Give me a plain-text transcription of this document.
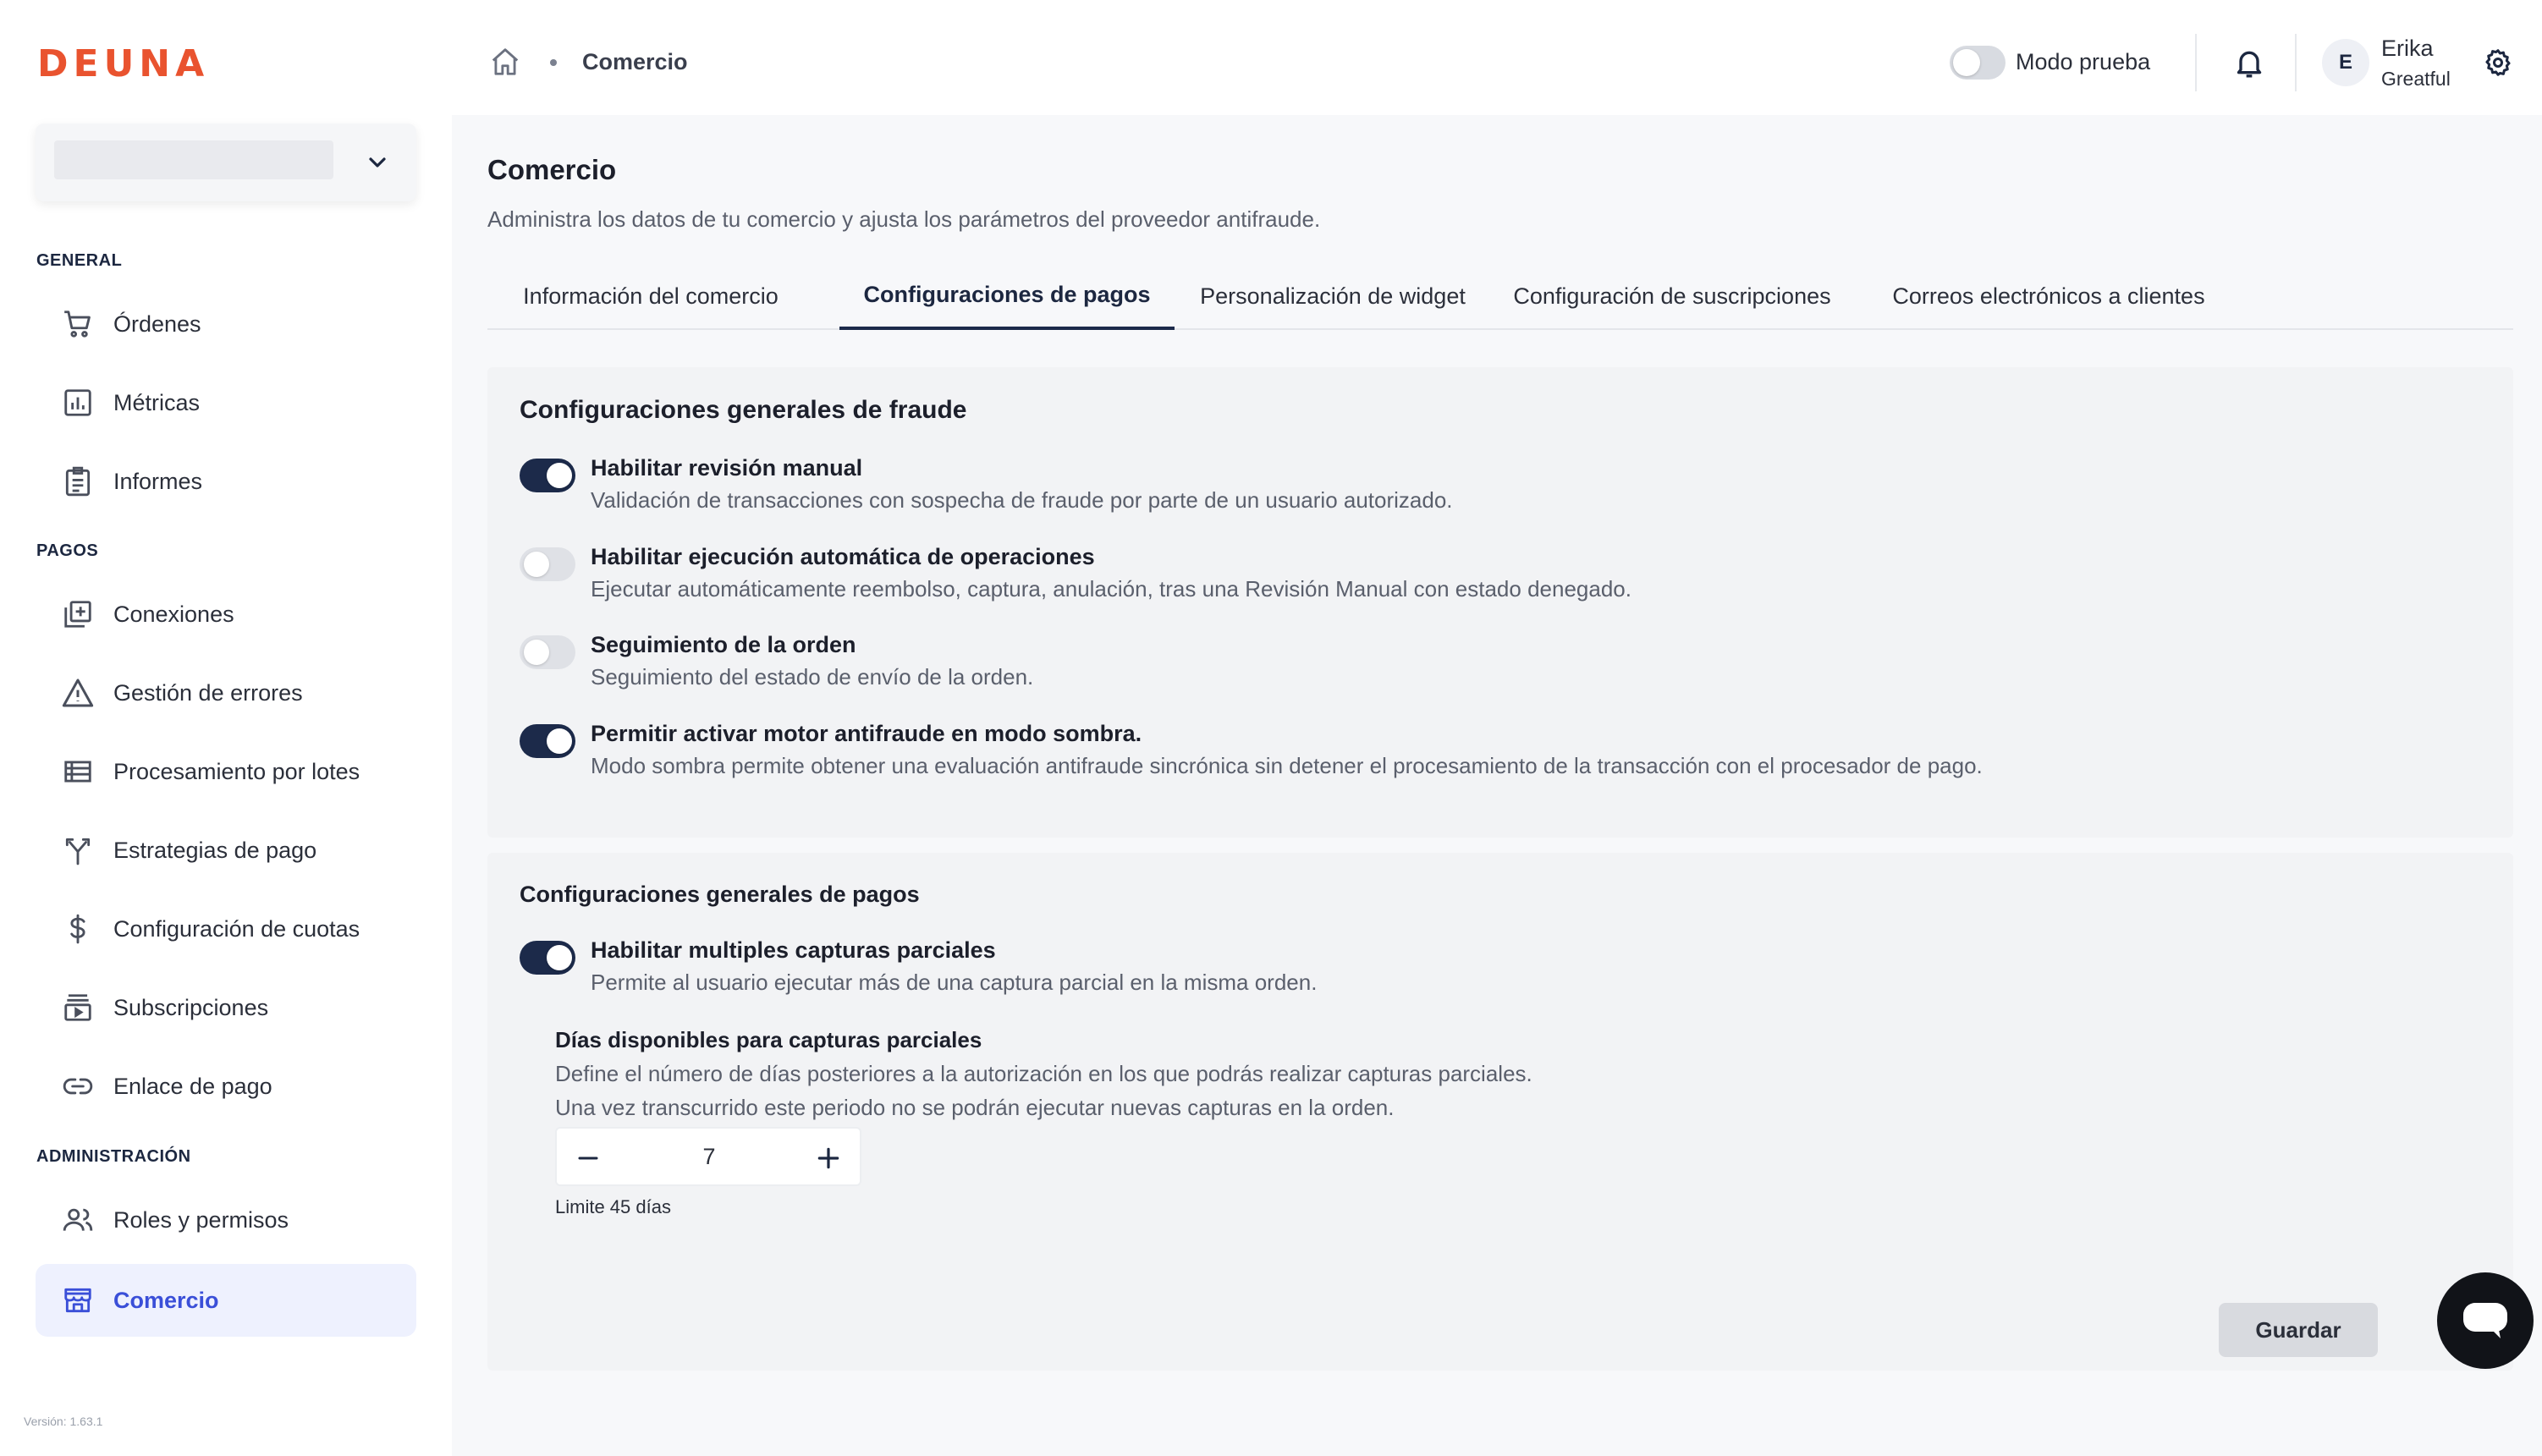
DEUNA
GENERAL
Órdenes
Métricas
Informes
PAGOS
Conexiones
Gestión de errores
Procesamiento por lotes
Estrategias de pago
Configuración de cuotas
Subscripciones
Enlace de pago
ADMINISTRACIÓN
Roles y permisos
Comercio
Versión: 1.63.1
Comercio	Modo prueba	E
Erika
Greatful
Comercio

Administra los datos de tu comercio y ajusta los parámetros del proveedor antifraude.

Información del comercio	Configuraciones de pagos	Personalización de widget	Configuración de suscripciones	Correos electrónicos a clientes
Configuraciones generales de fraude
Habilitar revisión manual
Validación de transacciones con sospecha de fraude por parte de un usuario autorizado.
Habilitar ejecución automática de operaciones
Ejecutar automáticamente reembolso, captura, anulación, tras una Revisión Manual con estado denegado.
Seguimiento de la orden
Seguimiento del estado de envío de la orden.
Permitir activar motor antifraude en modo sombra.
Modo sombra permite obtener una evaluación antifraude sincrónica sin detener el procesamiento de la transacción con el procesador de pago.
Configuraciones generales de pagos
Habilitar multiples capturas parciales
Permite al usuario ejecutar más de una captura parcial en la misma orden.
Días disponibles para capturas parciales
Define el número de días posteriores a la autorización en los que podrás realizar capturas parciales.
Una vez transcurrido este periodo no se podrán ejecutar nuevas capturas en la orden.
7
Limite 45 días
Guardar
